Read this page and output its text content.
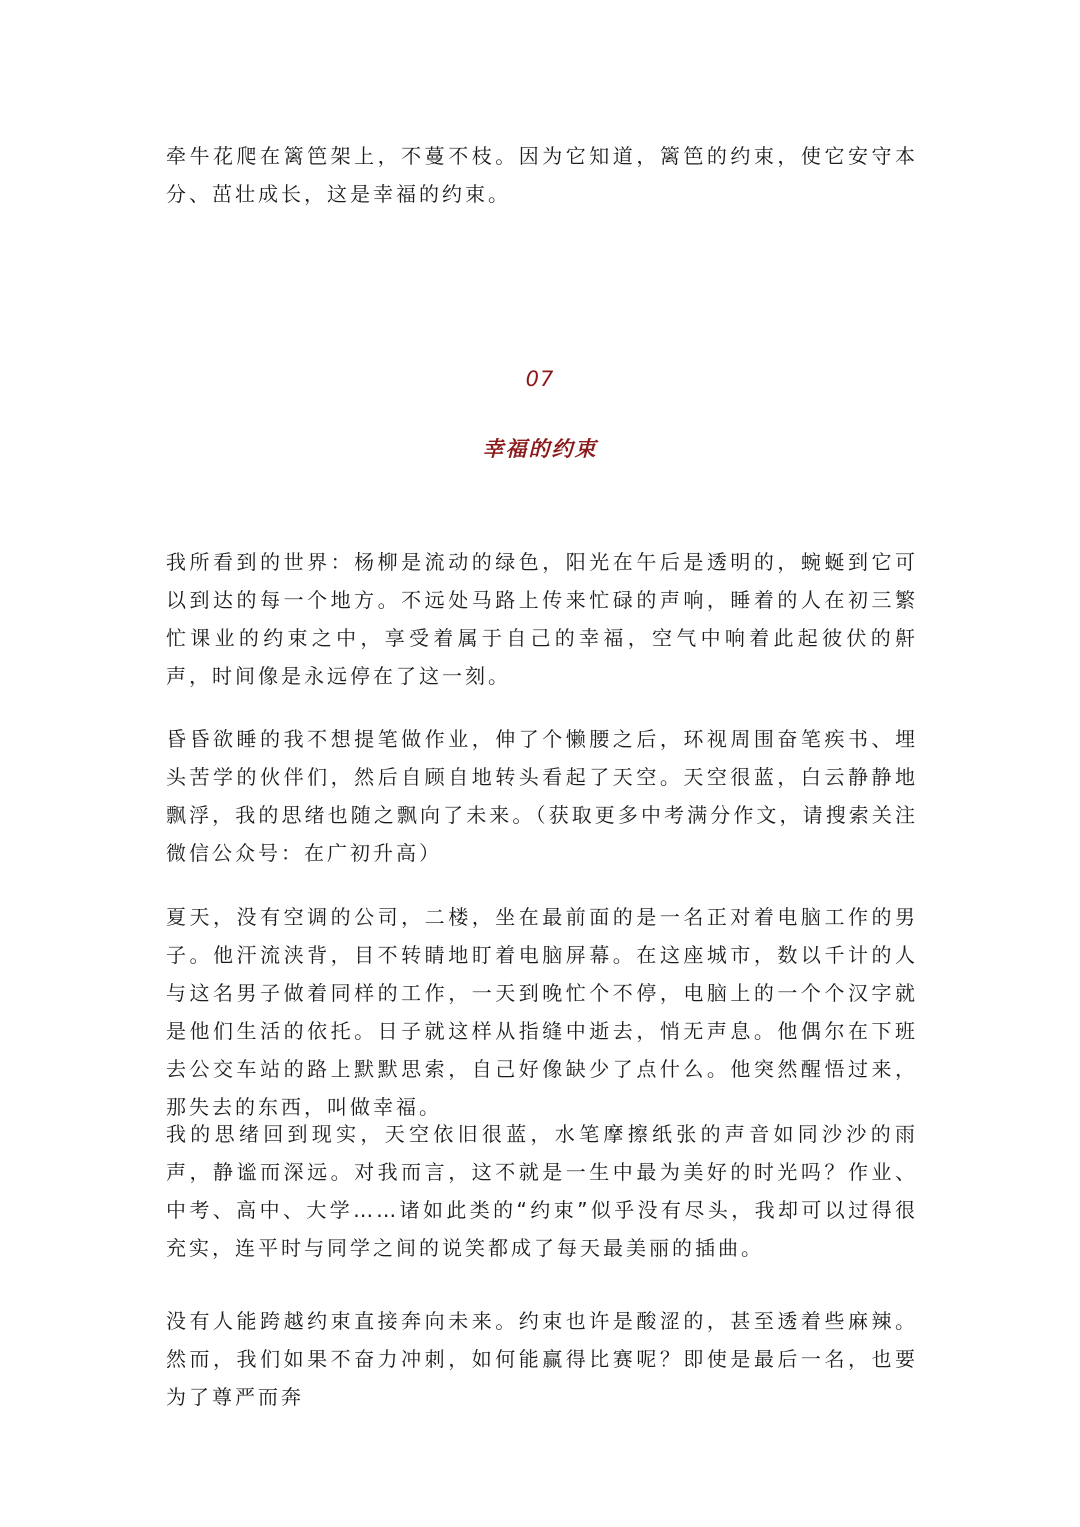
牵牛花爬在篱笆架上，不蔓不枝。因为它知道，篱笆的约束，使它安守本分、茁壮成长，这是幸福的约束。

07

幸福的约束

我所看到的世界：杨柳是流动的绿色，阳光在午后是透明的，蜿蜒到它可以到达的每一个地方。不远处马路上传来忙碌的声响，睡着的人在初三繁忙课业的约束之中，享受着属于自己的幸福，空气中响着此起彼伏的鼾声，时间像是永远停在了这一刻。

昏昏欲睡的我不想提笔做作业，伸了个懒腰之后，环视周围奋笔疾书、埋头苦学的伙伴们，然后自顾自地转头看起了天空。天空很蓝，白云静静地飘浮，我的思绪也随之飘向了未来。（获取更多中考满分作文，请搜索关注微信公众号：在广初升高）

夏天，没有空调的公司，二楼，坐在最前面的是一名正对着电脑工作的男子。他汗流浃背，目不转睛地盯着电脑屏幕。在这座城市，数以千计的人与这名男子做着同样的工作，一天到晚忙个不停，电脑上的一个个汉字就是他们生活的依托。日子就这样从指缝中逝去，悄无声息。他偶尔在下班去公交车站的路上默默思索，自己好像缺少了点什么。他突然醒悟过来，那失去的东西，叫做幸福。

我的思绪回到现实，天空依旧很蓝，水笔摩擦纸张的声音如同沙沙的雨声，静谧而深远。对我而言，这不就是一生中最为美好的时光吗？作业、中考、高中、大学……诸如此类的“约束”似乎没有尽头，我却可以过得很充实，连平时与同学之间的说笑都成了每天最美丽的插曲。

没有人能跨越约束直接奔向未来。约束也许是酸涩的，甚至透着些麻辣。然而，我们如果不奋力冲刺，如何能赢得比赛呢？即使是最后一名，也要为了尊严而奔
